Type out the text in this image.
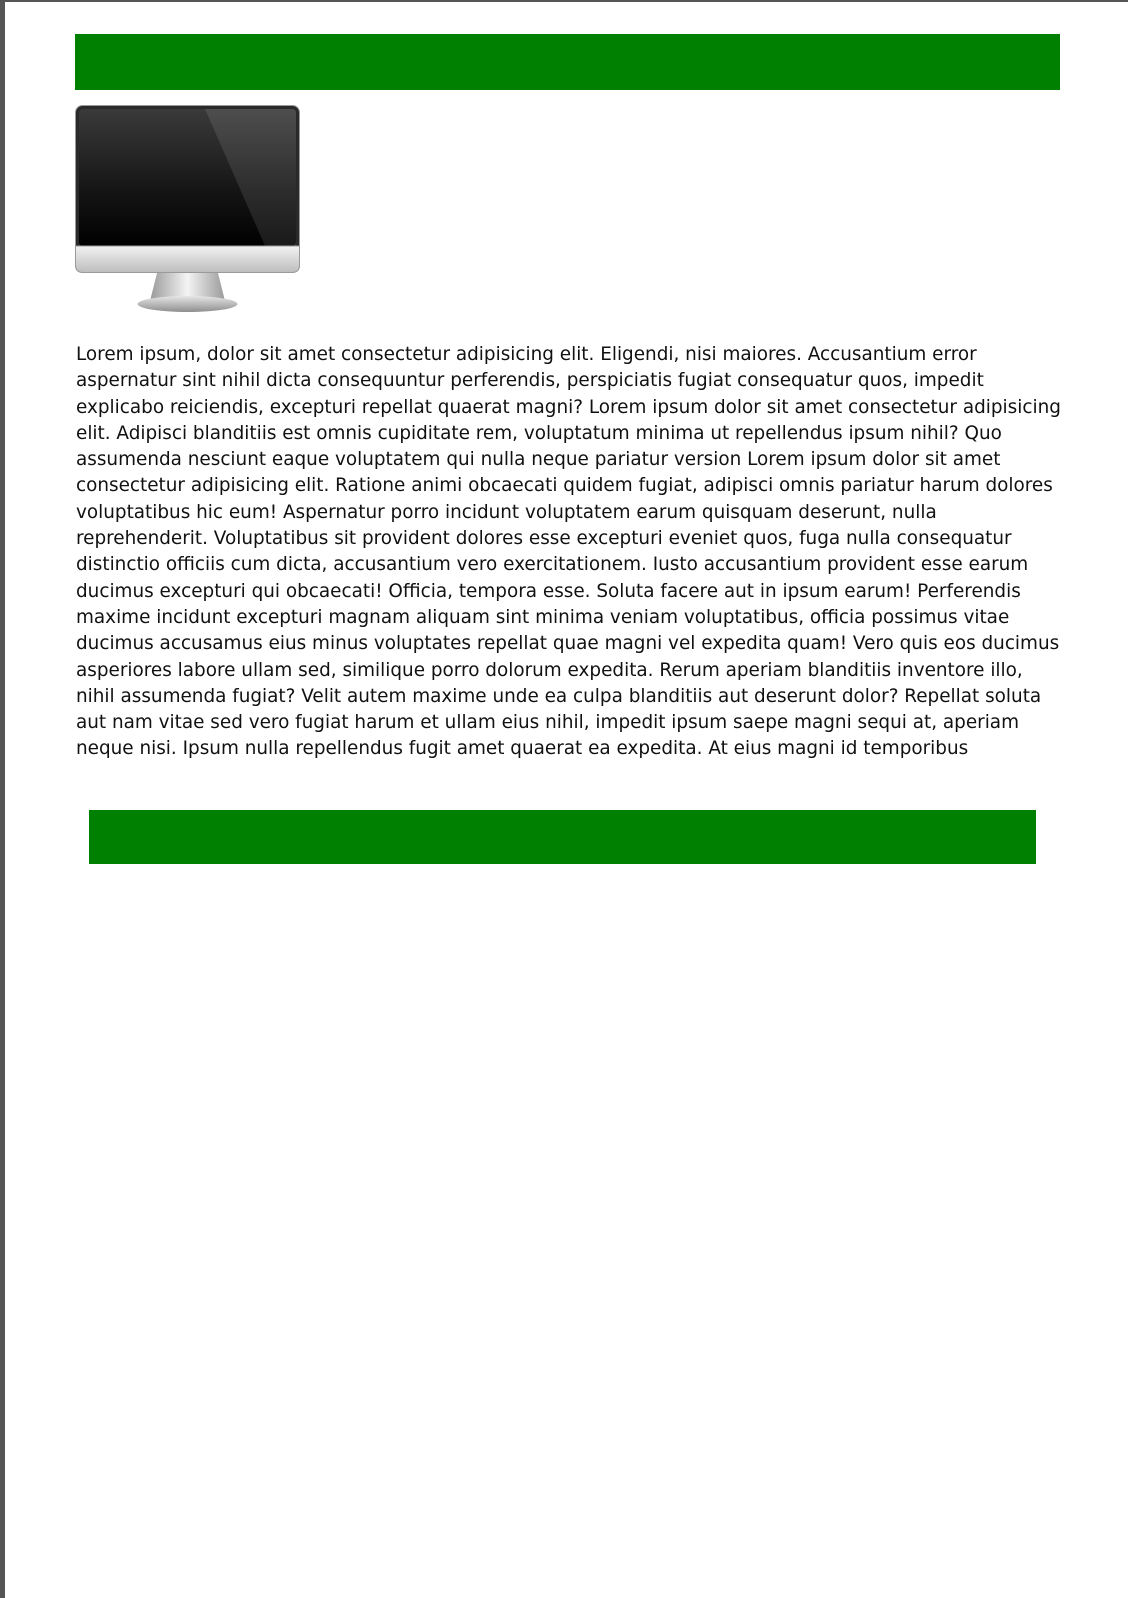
Lorem ipsum, dolor sit amet consectetur adipisicing elit. Eligendi, nisi maiores. Accusantium error aspernatur sint nihil dicta consequuntur perferendis, perspiciatis fugiat consequatur quos, impedit explicabo reiciendis, excepturi repellat quaerat magni? Lorem ipsum dolor sit amet consectetur adipisicing elit. Adipisci blanditiis est omnis cupiditate rem, voluptatum minima ut repellendus ipsum nihil? Quo assumenda nesciunt eaque voluptatem qui nulla neque pariatur version Lorem ipsum dolor sit amet consectetur adipisicing elit. Ratione animi obcaecati quidem fugiat, adipisci omnis pariatur harum dolores voluptatibus hic eum! Aspernatur porro incidunt voluptatem earum quisquam deserunt, nulla reprehenderit. Voluptatibus sit provident dolores esse excepturi eveniet quos, fuga nulla consequatur distinctio officiis cum dicta, accusantium vero exercitationem. Iusto accusantium provident esse earum ducimus excepturi qui obcaecati! Officia, tempora esse. Soluta facere aut in ipsum earum! Perferendis maxime incidunt excepturi magnam aliquam sint minima veniam voluptatibus, officia possimus vitae ducimus accusamus eius minus voluptates repellat quae magni vel expedita quam! Vero quis eos ducimus asperiores labore ullam sed, similique porro dolorum expedita. Rerum aperiam blanditiis inventore illo, nihil assumenda fugiat? Velit autem maxime unde ea culpa blanditiis aut deserunt dolor? Repellat soluta aut nam vitae sed vero fugiat harum et ullam eius nihil, impedit ipsum saepe magni sequi at, aperiam neque nisi. Ipsum nulla repellendus fugit amet quaerat ea expedita. At eius magni id temporibus
